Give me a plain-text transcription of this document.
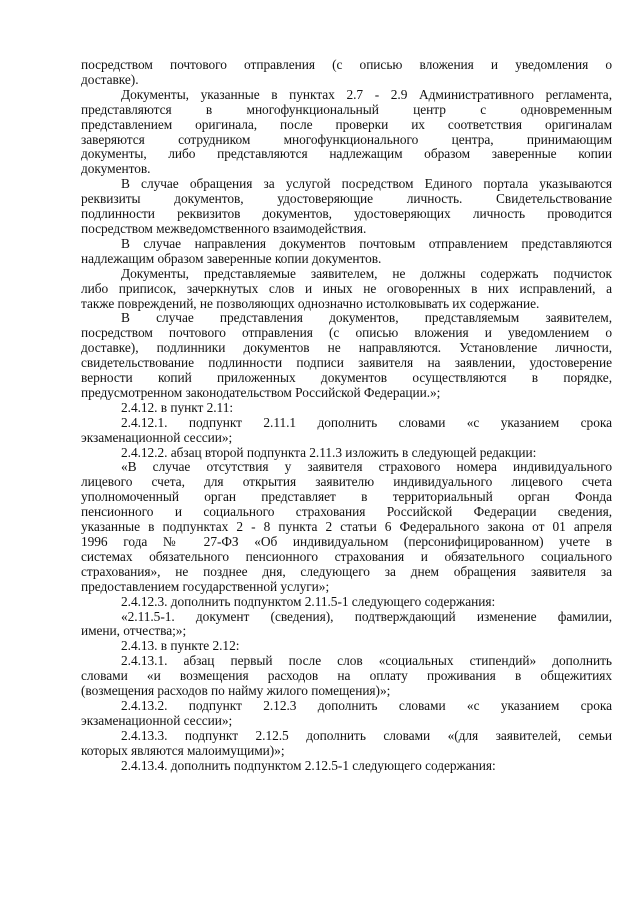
посредством почтового отправления (с описью вложения и уведомления о
доставке).
Документы, указанные в пунктах 2.7 - 2.9 Административного регламента,
представляются в многофункциональный центр с одновременным
представлением оригинала, после проверки их соответствия оригиналам
заверяются сотрудником многофункционального центра, принимающим
документы, либо представляются надлежащим образом заверенные копии
документов.
В случае обращения за услугой посредством Единого портала указываются
реквизиты документов, удостоверяющие личность. Свидетельствование
подлинности реквизитов документов, удостоверяющих личность проводится
посредством межведомственного взаимодействия.
В случае направления документов почтовым отправлением представляются
надлежащим образом заверенные копии документов.
Документы, представляемые заявителем, не должны содержать подчисток
либо приписок, зачеркнутых слов и иных не оговоренных в них исправлений, а
также повреждений, не позволяющих однозначно истолковывать их содержание.
В случае представления документов, представляемым заявителем,
посредством почтового отправления (с описью вложения и уведомлением о
доставке), подлинники документов не направляются. Установление личности,
свидетельствование подлинности подписи заявителя на заявлении, удостоверение
верности копий приложенных документов осуществляются в порядке,
предусмотренном законодательством Российской Федерации.»;
2.4.12. в пункт 2.11:
2.4.12.1. подпункт 2.11.1 дополнить словами «с указанием срока
экзаменационной сессии»;
2.4.12.2. абзац второй подпункта 2.11.3 изложить в следующей редакции:
«В случае отсутствия у заявителя страхового номера индивидуального
лицевого счета, для открытия заявителю индивидуального лицевого счета
уполномоченный орган представляет в территориальный орган Фонда
пенсионного и социального страхования Российской Федерации сведения,
указанные в подпунктах 2 - 8 пункта 2 статьи 6 Федерального закона от 01 апреля
1996 года № 27-ФЗ «Об индивидуальном (персонифицированном) учете в
системах обязательного пенсионного страхования и обязательного социального
страхования», не позднее дня, следующего за днем обращения заявителя за
предоставлением государственной услуги»;
2.4.12.3. дополнить подпунктом 2.11.5-1 следующего содержания:
«2.11.5-1. документ (сведения), подтверждающий изменение фамилии,
имени, отчества;»;
2.4.13. в пункте 2.12:
2.4.13.1. абзац первый после слов «социальных стипендий» дополнить
словами «и возмещения расходов на оплату проживания в общежитиях
(возмещения расходов по найму жилого помещения)»;
2.4.13.2. подпункт 2.12.3 дополнить словами «с указанием срока
экзаменационной сессии»;
2.4.13.3. подпункт 2.12.5 дополнить словами «(для заявителей, семьи
которых являются малоимущими)»;
2.4.13.4. дополнить подпунктом 2.12.5-1 следующего содержания:
